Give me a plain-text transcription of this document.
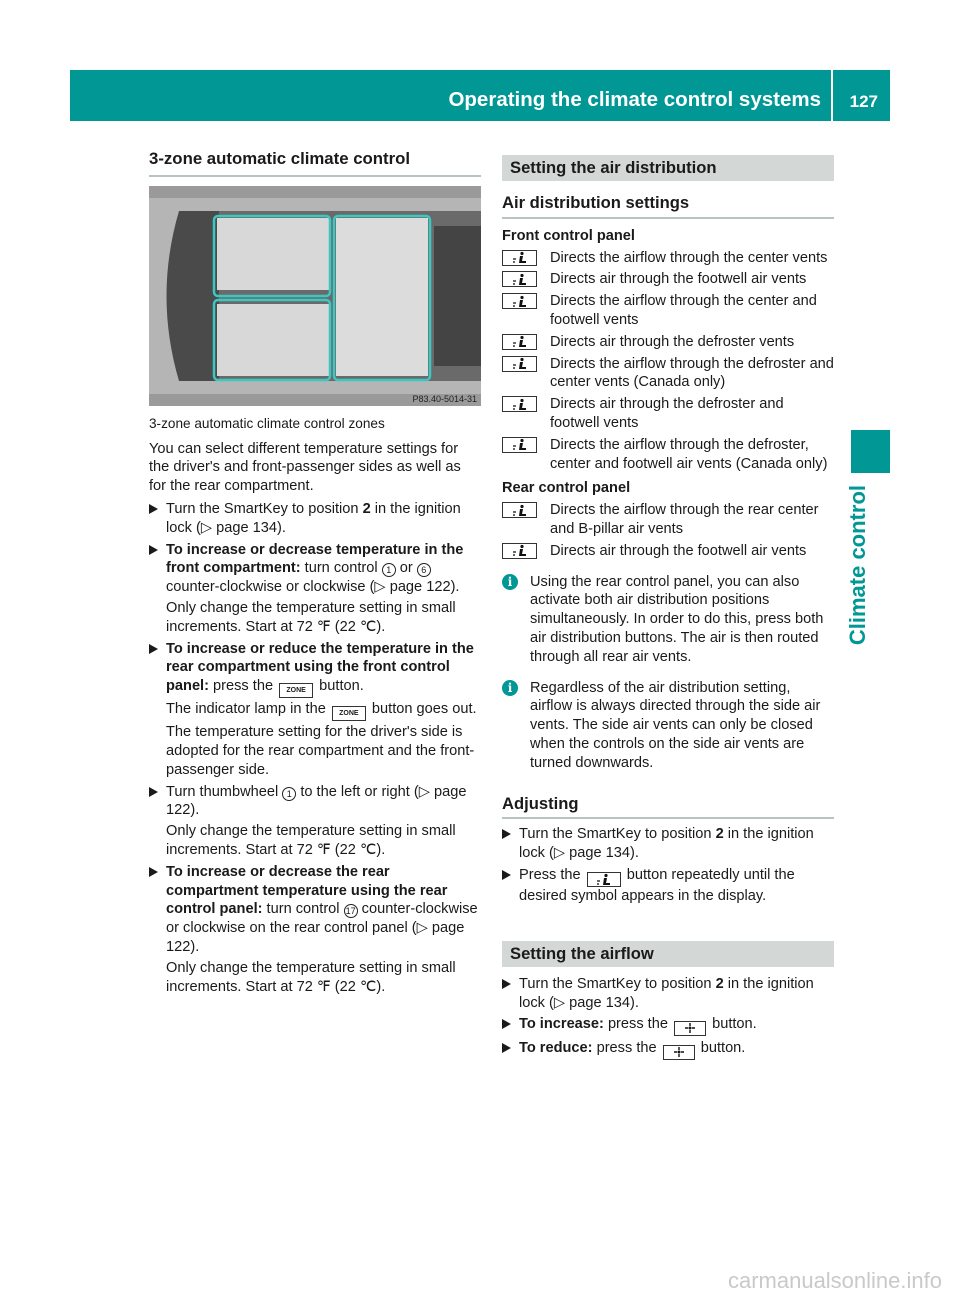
Operating the climate control systems 127
3-zone automatic climate control
P83.40-5014-31
3-zone automatic climate control zones
You can select different temperature settings for the driver's and front-passenger sides as well as for the rear compartment.
Turn the SmartKey to position 2 in the ignition lock (▷ page 134).
To increase or decrease temperature in the front compartment: turn control 1 or 6 counter-clockwise or clockwise (▷ page 122).
Only change the temperature setting in small increments. Start at 72 ℉ (22 ℃).
To increase or reduce the temperature in the rear compartment using the front control panel: press the ZONE button.
The indicator lamp in the ZONE button goes out.
The temperature setting for the driver's side is adopted for the rear compartment and the front-passenger side.
Turn thumbwheel 1 to the left or right (▷ page 122).
Only change the temperature setting in small increments. Start at 72 ℉ (22 ℃).
To increase or decrease the rear compartment temperature using the rear control panel: turn control 17 counter-clockwise or clockwise on the rear control panel (▷ page 122).
Only change the temperature setting in small increments. Start at 72 ℉ (22 ℃).
Setting the air distribution
Air distribution settings
Front control panel
Directs the airflow through the center vents
Directs air through the footwell air vents
Directs the airflow through the center and footwell vents
Directs air through the defroster vents
Directs the airflow through the defroster and center vents (Canada only)
Directs air through the defroster and footwell vents
Directs the airflow through the defroster, center and footwell air vents (Canada only)
Rear control panel
Directs the airflow through the rear center and B-pillar air vents
Directs air through the footwell air vents
i	Using the rear control panel, you can also activate both air distribution positions simultaneously. In order to do this, press both air distribution buttons. The air is then routed through all rear air vents.
i	Regardless of the air distribution setting, airflow is always directed through the side air vents. The side air vents can only be closed when the controls on the side air vents are turned downwards.
Adjusting
Turn the SmartKey to position 2 in the ignition lock (▷ page 134).
Press the	button repeatedly until the desired symbol appears in the display.
Setting the airflow
Turn the SmartKey to position 2 in the ignition lock (▷ page 134).
To increase: press the  button.
To reduce: press the  button.
Climate control
carmanualsonline.info
